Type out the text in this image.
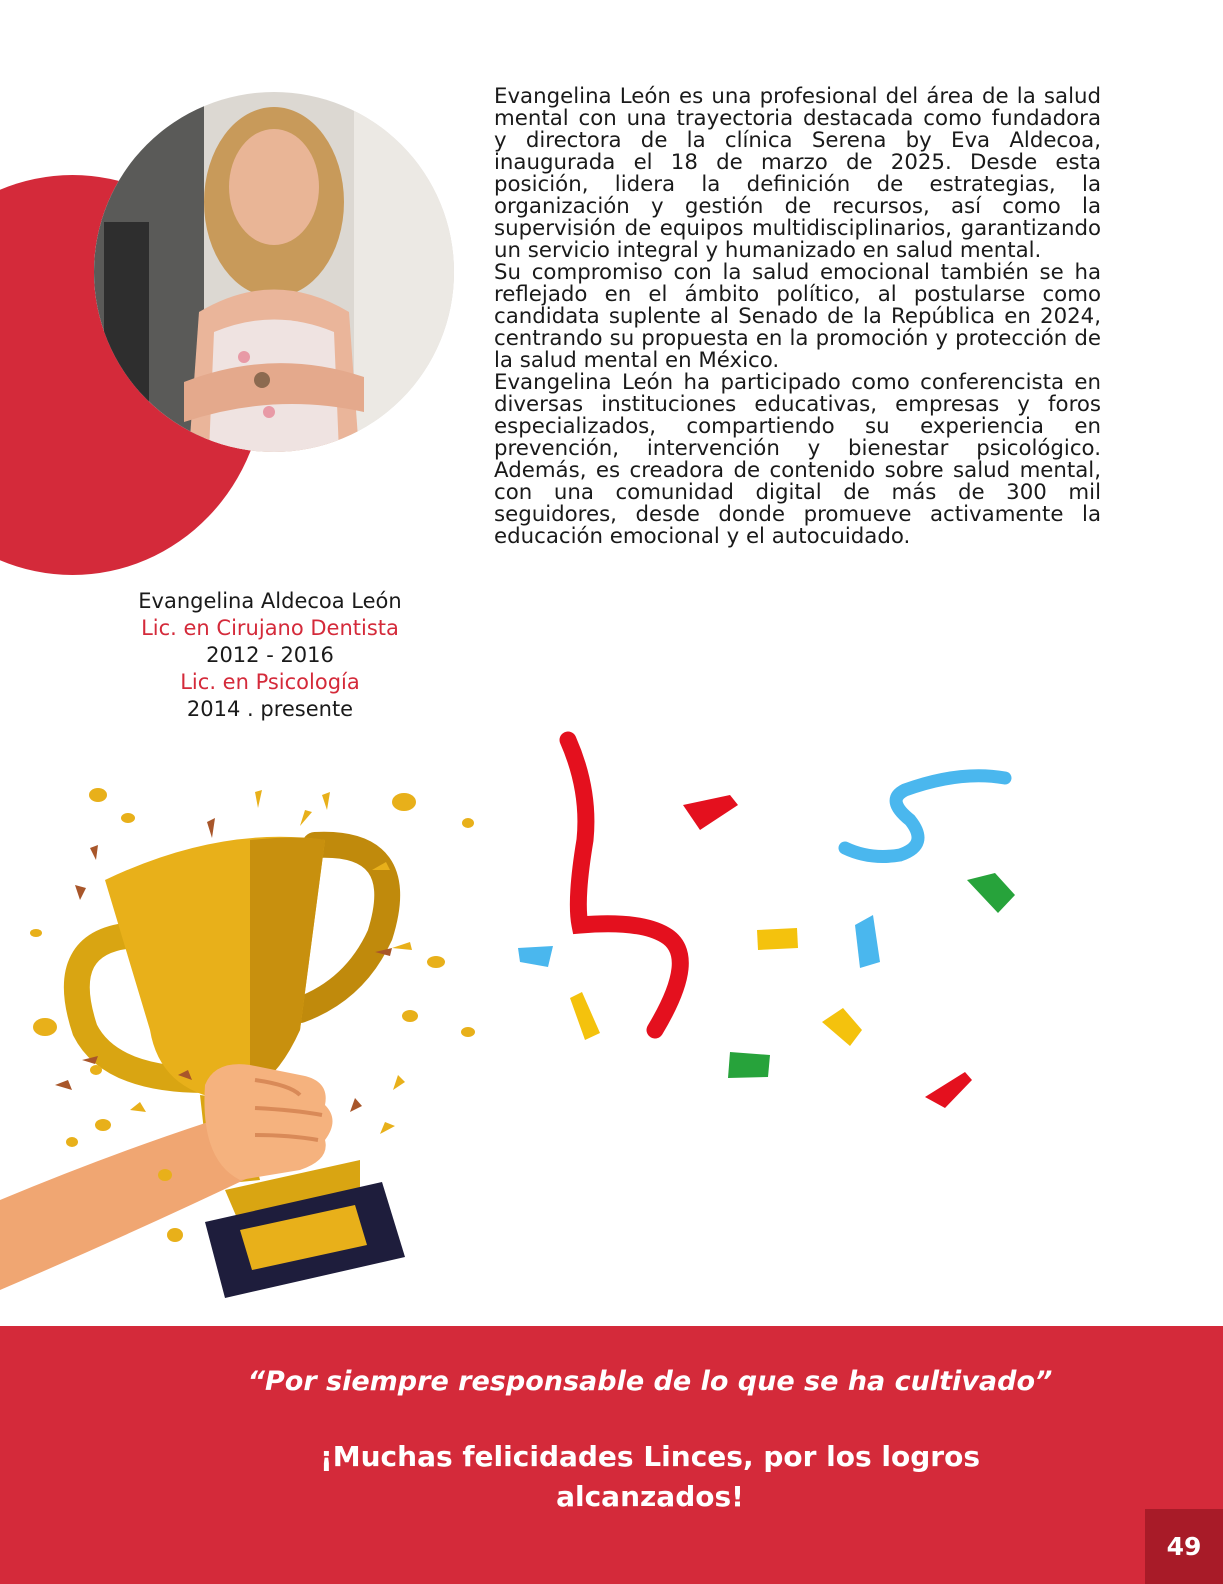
Evangelina León es una profesional del área de la salud mental con una trayectoria destacada como fundadora y directora de la clínica Serena by Eva Aldecoa, inaugurada el 18 de marzo de 2025. Desde esta posición, lidera la definición de estrategias, la organización y gestión de recursos, así como la supervisión de equipos multidisciplinarios, garantizando un servicio integral y humanizado en salud mental.

Su compromiso con la salud emocional también se ha reflejado en el ámbito político, al postularse como candidata suplente al Senado de la República en 2024, centrando su propuesta en la promoción y protección de la salud mental en México.

Evangelina León ha participado como conferencista en diversas instituciones educativas, empresas y foros especializados, compartiendo su experiencia en prevención, intervención y bienestar psicológico. Además, es creadora de contenido sobre salud mental, con una comunidad digital de más de 300 mil seguidores, desde donde promueve activamente la educación emocional y el autocuidado.

Evangelina Aldecoa León
Lic. en Cirujano Dentista
2012 - 2016
Lic. en Psicología
2014 . presente
“Por siempre responsable de lo que se ha cultivado”
¡Muchas felicidades Linces, por los logros alcanzados!
49
